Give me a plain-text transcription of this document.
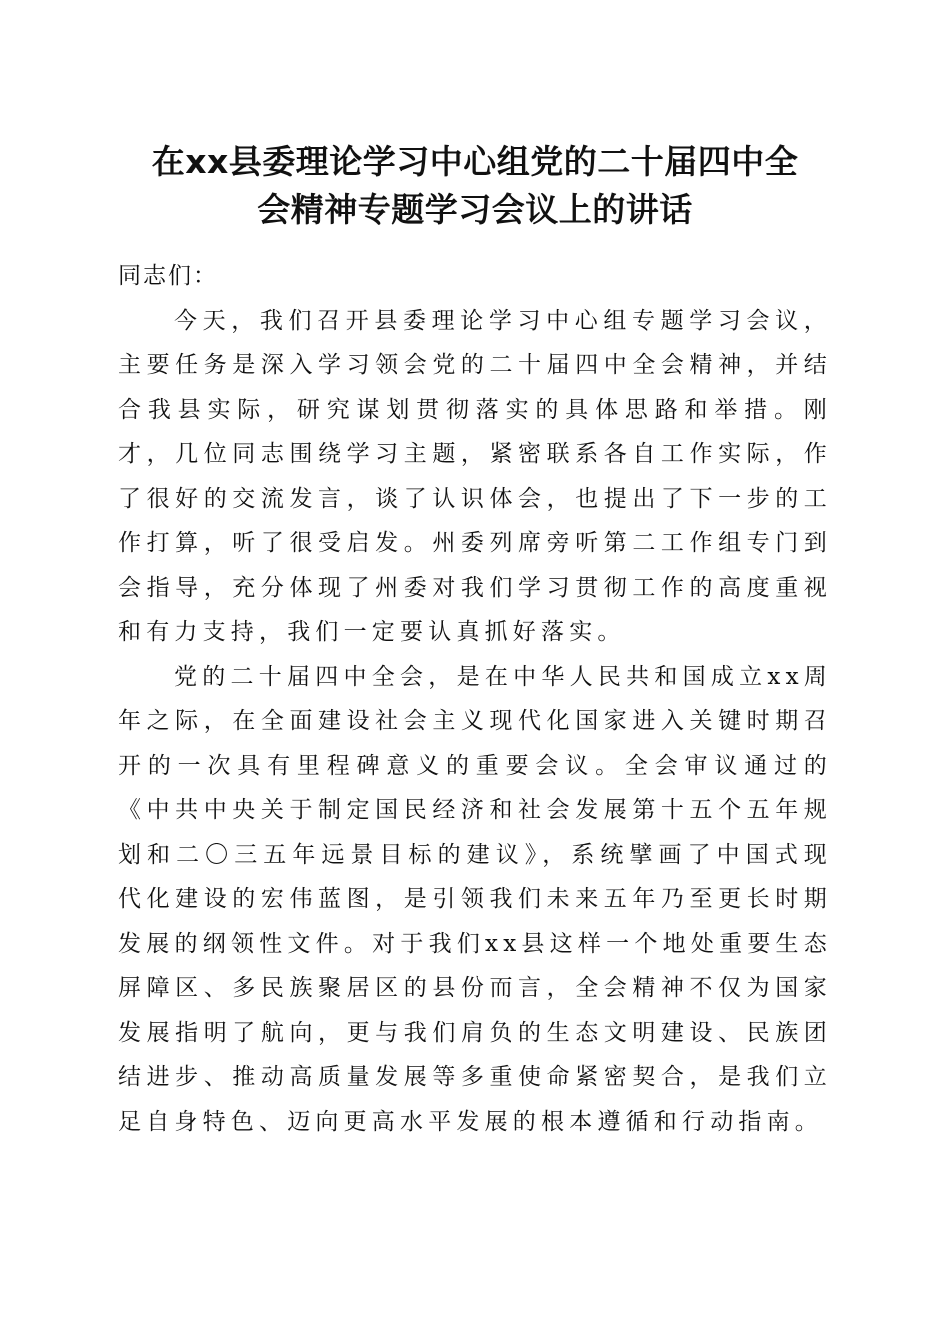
在xx县委理论学习中心组党的二十届四中全
会精神专题学习会议上的讲话

同志们：

今天，我们召开县委理论学习中心组专题学习会议，主要任务是深入学习领会党的二十届四中全会精神，并结合我县实际，研究谋划贯彻落实的具体思路和举措。刚才，几位同志围绕学习主题，紧密联系各自工作实际，作了很好的交流发言，谈了认识体会，也提出了下一步的工作打算，听了很受启发。州委列席旁听第二工作组专门到会指导，充分体现了州委对我们学习贯彻工作的高度重视和有力支持，我们一定要认真抓好落实。

党的二十届四中全会，是在中华人民共和国成立xx周年之际，在全面建设社会主义现代化国家进入关键时期召开的一次具有里程碑意义的重要会议。全会审议通过的《中共中央关于制定国民经济和社会发展第十五个五年规划和二〇三五年远景目标的建议》，系统擘画了中国式现代化建设的宏伟蓝图，是引领我们未来五年乃至更长时期发展的纲领性文件。对于我们xx县这样一个地处重要生态屏障区、多民族聚居区的县份而言，全会精神不仅为国家发展指明了航向，更与我们肩负的生态文明建设、民族团结进步、推动高质量发展等多重使命紧密契合，是我们立足自身特色、迈向更高水平发展的根本遵循和行动指南。
